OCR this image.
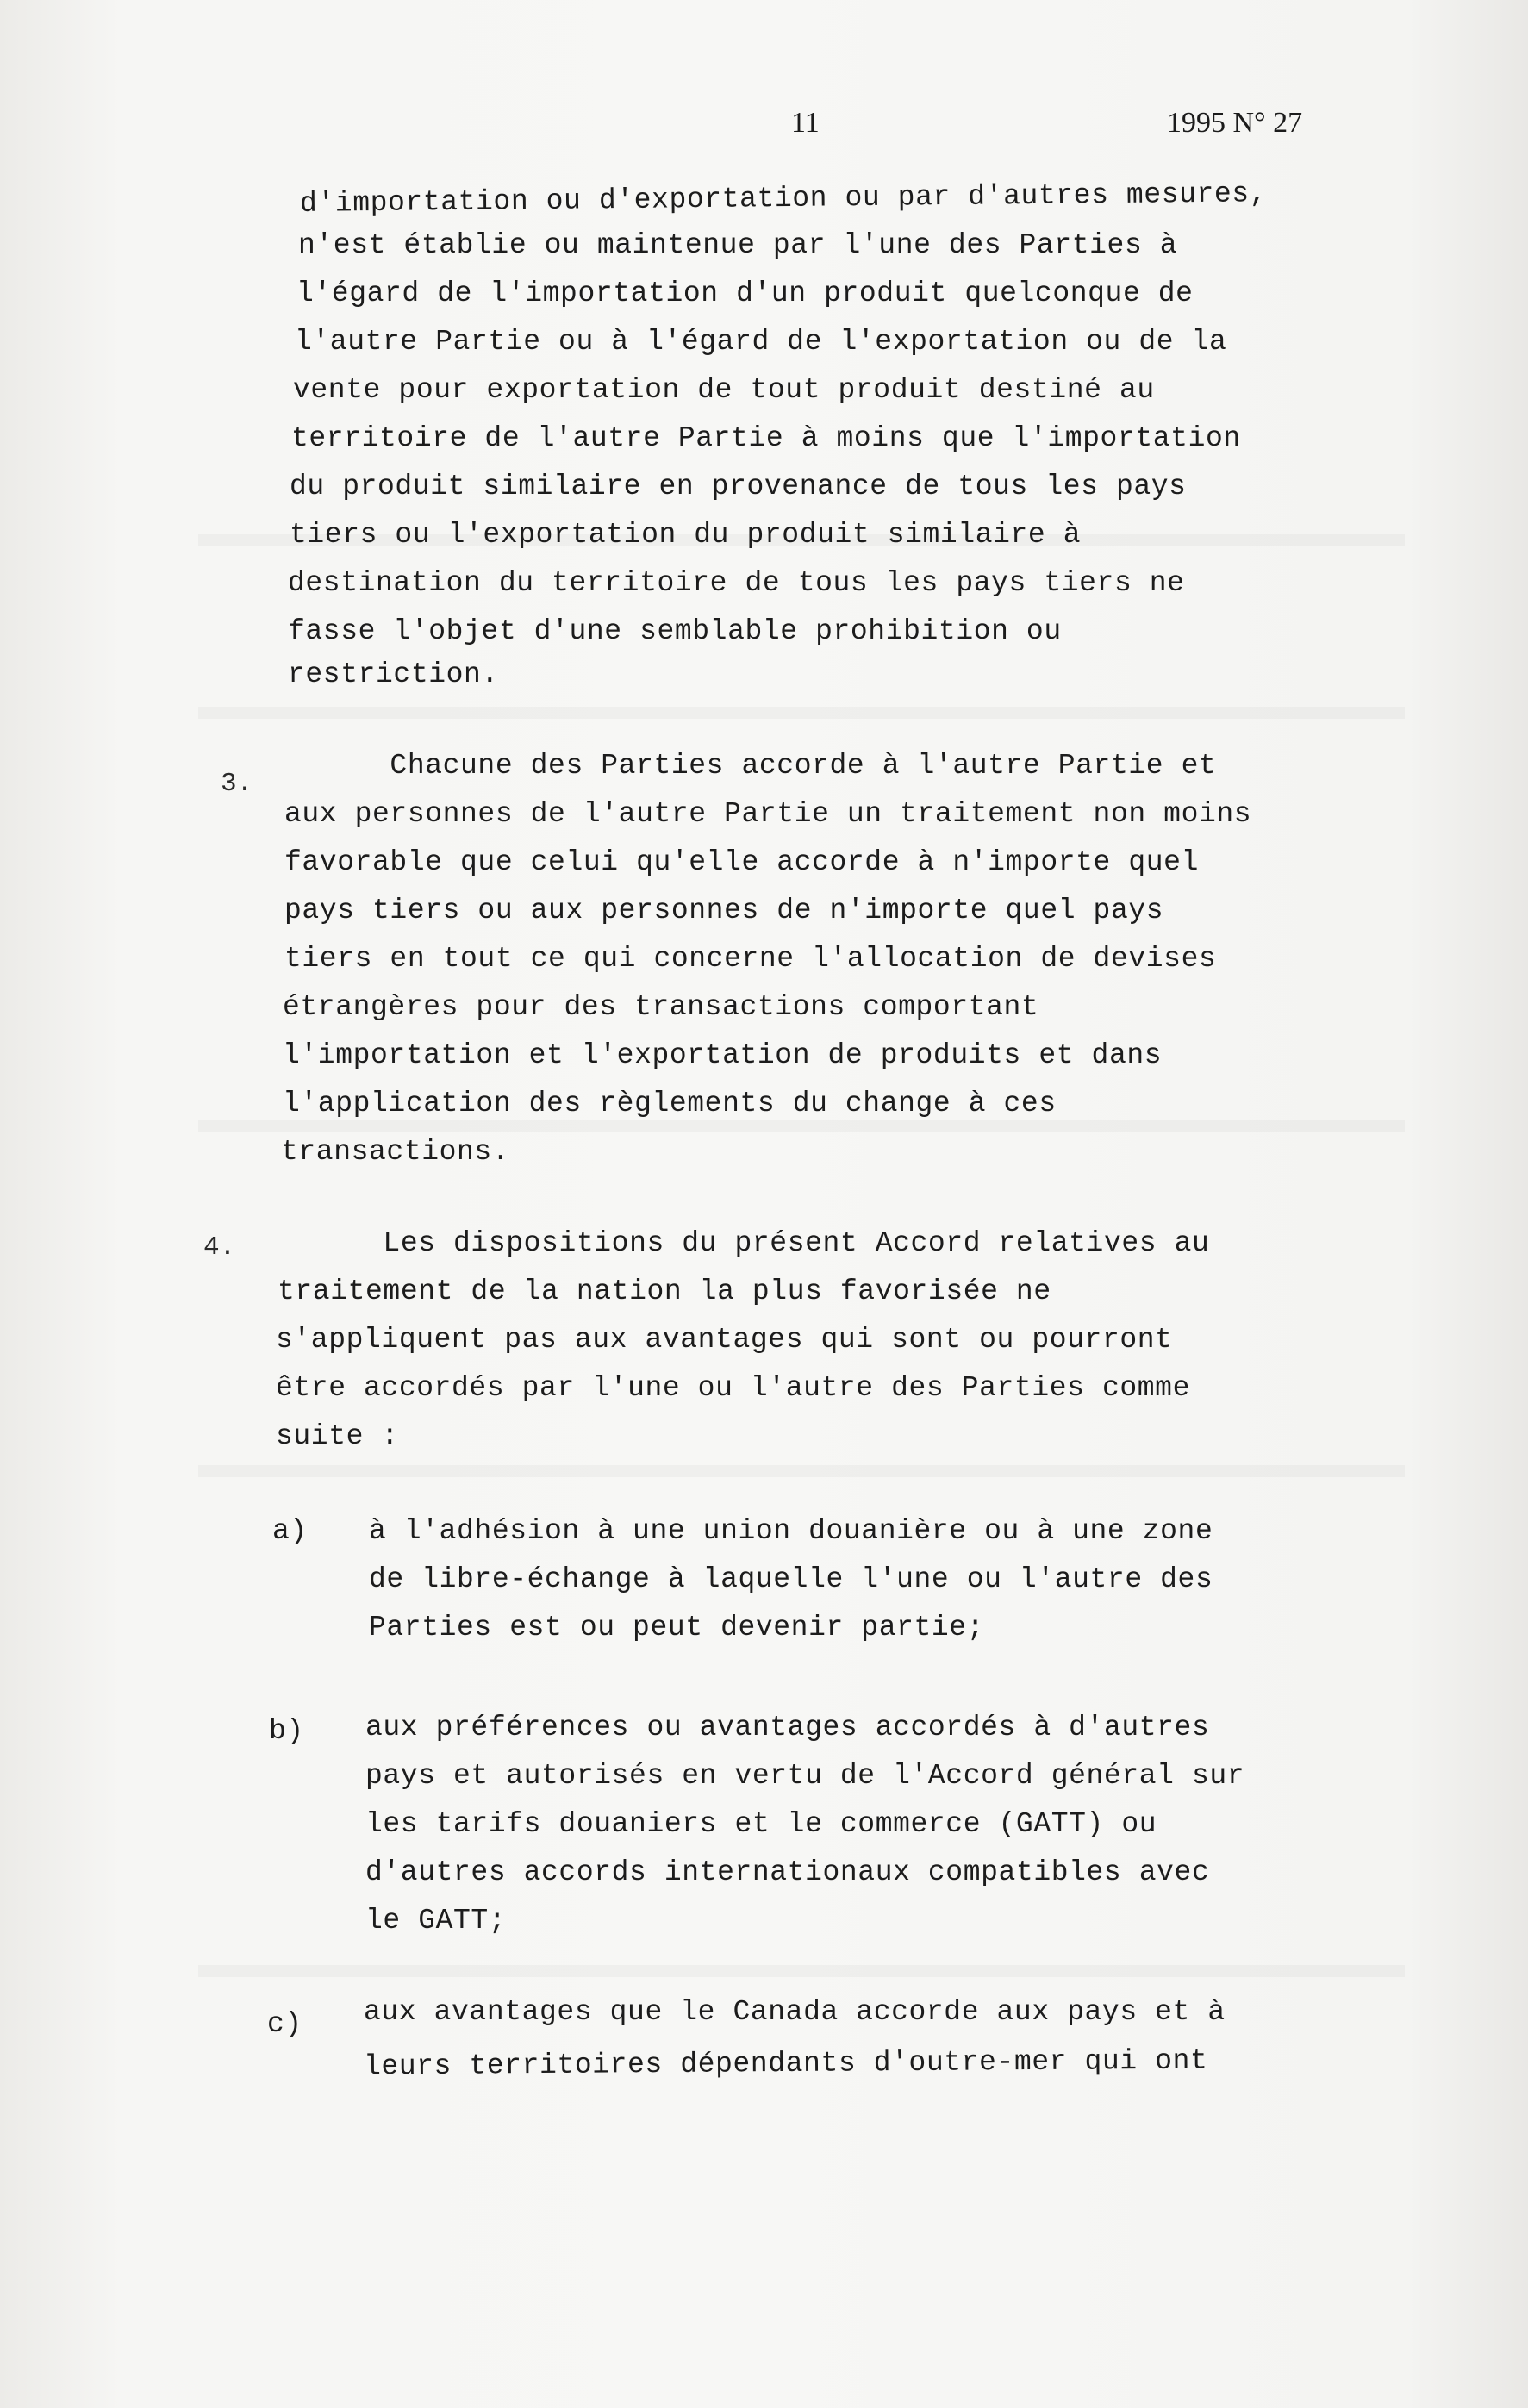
11	1995 N° 27
d'importation ou d'exportation ou par d'autres mesures,
n'est établie ou maintenue par l'une des Parties à
l'égard de l'importation d'un produit quelconque de
l'autre Partie ou à l'égard de l'exportation ou de la
vente pour exportation de tout produit destiné au
territoire de l'autre Partie à moins que l'importation
du produit similaire en provenance de tous les pays
tiers ou l'exportation du produit similaire à
destination du territoire de tous les pays tiers ne
fasse l'objet d'une semblable prohibition ou
restriction.
3.
Chacune des Parties accorde à l'autre Partie et
aux personnes de l'autre Partie un traitement non moins
favorable que celui qu'elle accorde à n'importe quel
pays tiers ou aux personnes de n'importe quel pays
tiers en tout ce qui concerne l'allocation de devises
étrangères pour des transactions comportant
l'importation et l'exportation de produits et dans
l'application des règlements du change à ces
transactions.
4. Les dispositions du présent Accord relatives au
traitement de la nation la plus favorisée ne
s'appliquent pas aux avantages qui sont ou pourront
être accordés par l'une ou l'autre des Parties comme
suite :
a) à l'adhésion à une union douanière ou à une zone
de libre-échange à laquelle l'une ou l'autre des
Parties est ou peut devenir partie;
b) aux préférences ou avantages accordés à d'autres
pays et autorisés en vertu de l'Accord général sur
les tarifs douaniers et le commerce (GATT) ou
d'autres accords internationaux compatibles avec
le GATT;
c) aux avantages que le Canada accorde aux pays et à
leurs territoires dépendants d'outre-mer qui ont
